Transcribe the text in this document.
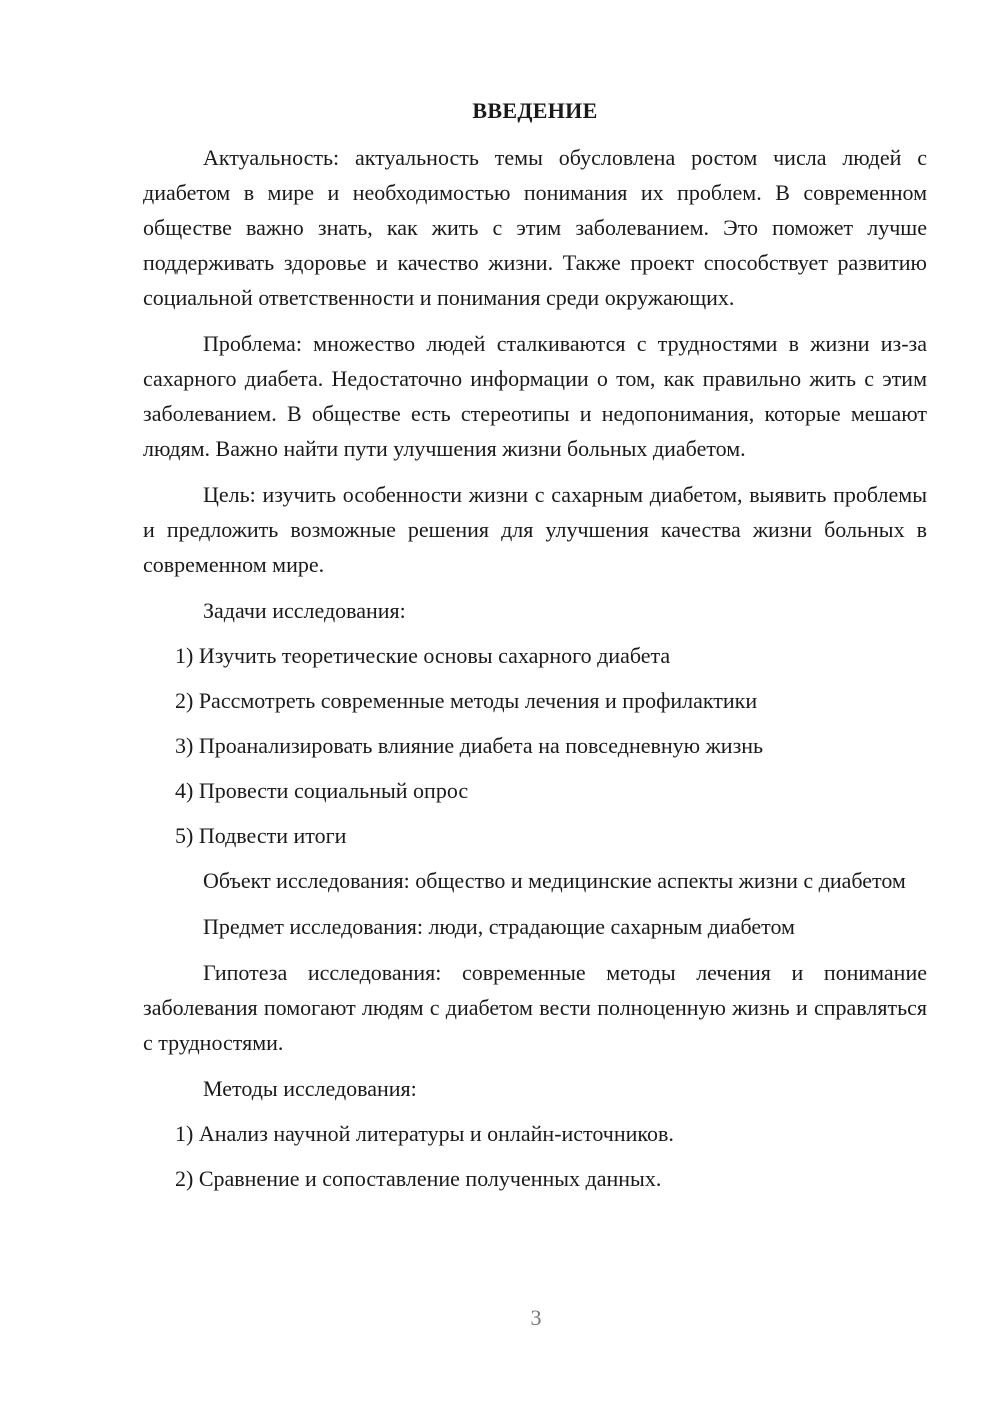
ВВЕДЕНИЕ

Актуальность: актуальность темы обусловлена ростом числа людей с диабетом в мире и необходимостью понимания их проблем. В современном обществе важно знать, как жить с этим заболеванием. Это поможет лучше поддерживать здоровье и качество жизни. Также проект способствует развитию социальной ответственности и понимания среди окружающих.

Проблема: множество людей сталкиваются с трудностями в жизни из-за сахарного диабета. Недостаточно информации о том, как правильно жить с этим заболеванием. В обществе есть стереотипы и недопонимания, которые мешают людям. Важно найти пути улучшения жизни больных диабетом.

Цель: изучить особенности жизни с сахарным диабетом, выявить проблемы и предложить возможные решения для улучшения качества жизни больных в современном мире.

Задачи исследования:

1) Изучить теоретические основы сахарного диабета
2) Рассмотреть современные методы лечения и профилактики
3) Проанализировать влияние диабета на повседневную жизнь
4) Провести социальный опрос
5) Подвести итоги

Объект исследования: общество и медицинские аспекты жизни с диабетом

Предмет исследования: люди, страдающие сахарным диабетом

Гипотеза исследования: современные методы лечения и понимание заболевания помогают людям с диабетом вести полноценную жизнь и справляться с трудностями.

Методы исследования:

1) Анализ научной литературы и онлайн-источников.
2) Сравнение и сопоставление полученных данных.
3
